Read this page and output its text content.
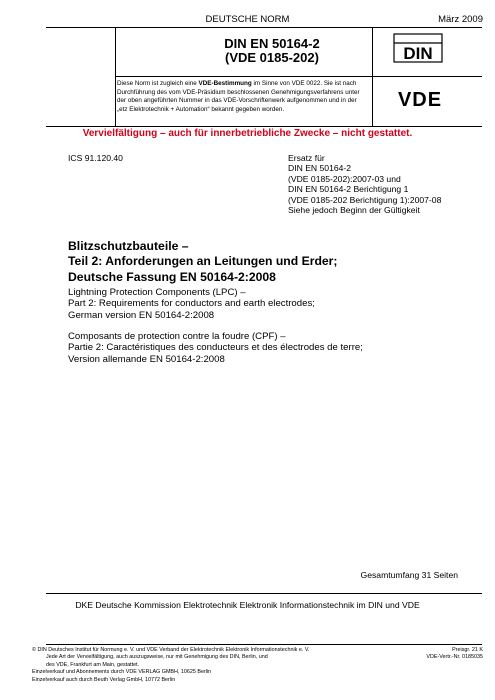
DEUTSCHE NORM	März 2009
DIN EN 50164-2
(VDE 0185-202)	DIN
VDE
Diese Norm ist zugleich eine VDE-Bestimmung im Sinne von VDE 0022. Sie ist nach
Durchführung des vom VDE-Präsidium beschlossenen Genehmigungsverfahrens unter
der oben angeführten Nummer in das VDE-Vorschriftenwerk aufgenommen und in der
„etz Elektrotechnik + Automation“ bekannt gegeben worden.
Vervielfältigung – auch für innerbetriebliche Zwecke – nicht gestattet.
ICS 91.120.40	Ersatz für
DIN EN 50164-2
(VDE 0185-202):2007-03 und
DIN EN 50164-2 Berichtigung 1
(VDE 0185-202 Berichtigung 1):2007-08
Siehe jedoch Beginn der Gültigkeit
Blitzschutzbauteile –
Teil 2: Anforderungen an Leitungen und Erder;
Deutsche Fassung EN 50164-2:2008
Lightning Protection Components (LPC) –
Part 2: Requirements for conductors and earth electrodes;
German version EN 50164-2:2008
Composants de protection contre la foudre (CPF) –
Partie 2: Caractéristiques des conducteurs et des électrodes de terre;
Version allemande EN 50164-2:2008
Gesamtumfang 31 Seiten
DKE Deutsche Kommission Elektrotechnik Elektronik Informationstechnik im DIN und VDE
© DIN Deutsches Institut für Normung e. V. und VDE Verband der Elektrotechnik Elektronik Informationstechnik e. V.
Jede Art der Vervielfältigung, auch auszugsweise, nur mit Genehmigung des DIN, Berlin, und
des VDE, Frankfurt am Main, gestattet.
Einzelverkauf und Abonnements durch VDE VERLAG GMBH, 10625 Berlin
Einzelverkauf auch durch Beuth Verlag GmbH, 10772 Berlin
Preisgr. 21 K
VDE-Vertr.-Nr. 0185035
